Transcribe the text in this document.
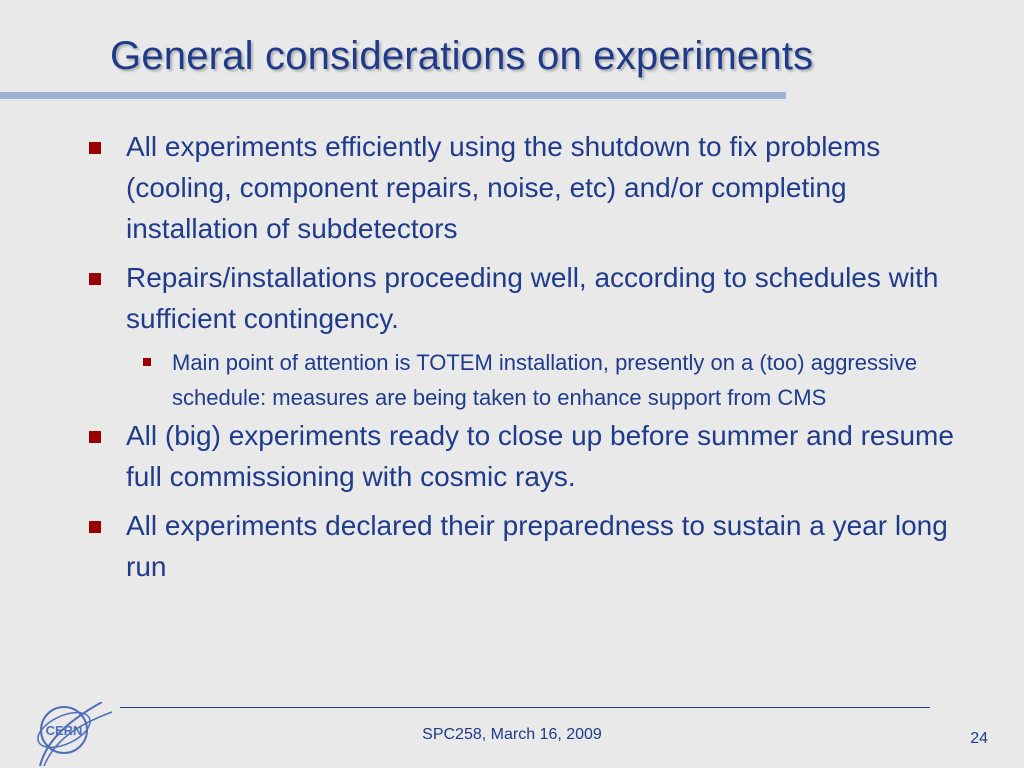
General considerations on experiments
All experiments efficiently using the shutdown to fix problems (cooling, component repairs, noise, etc) and/or completing installation of subdetectors
Repairs/installations proceeding well, according to schedules with sufficient contingency.
Main point of attention is TOTEM installation, presently on a (too) aggressive schedule: measures are being taken to enhance support from CMS
All (big) experiments ready to close up before summer and resume full commissioning with cosmic rays.
All experiments declared their preparedness to sustain a year long run
SPC258, March 16, 2009	24
CERN
